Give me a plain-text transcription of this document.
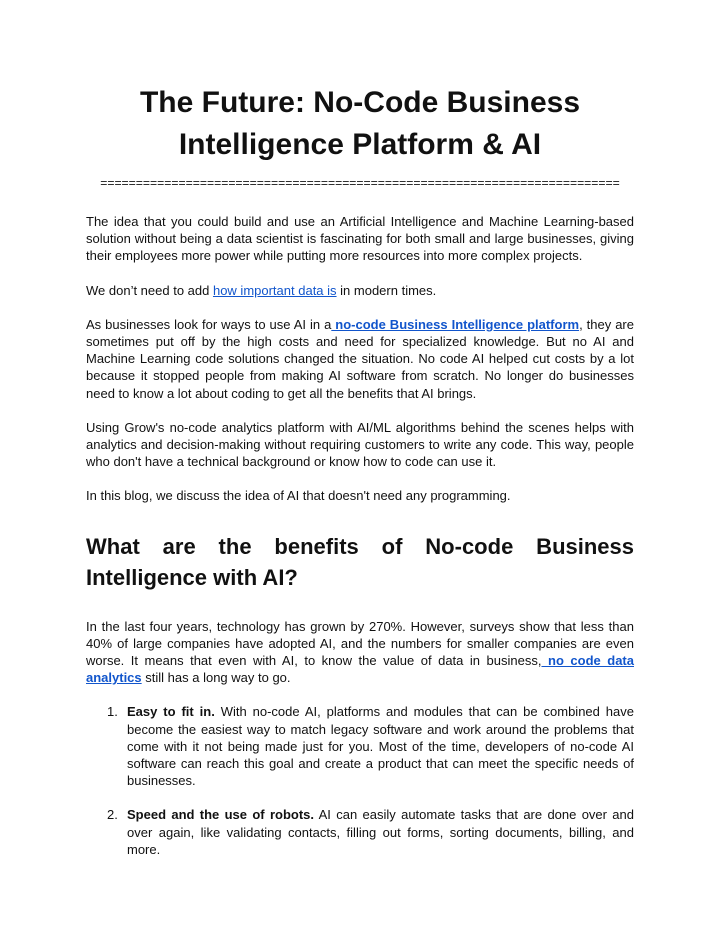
The Future: No-Code Business Intelligence Platform & AI
=========================================================================

The idea that you could build and use an Artificial Intelligence and Machine Learning-based solution without being a data scientist is fascinating for both small and large businesses, giving their employees more power while putting more resources into more complex projects.

We don’t need to add how important data is in modern times.

As businesses look for ways to use AI in a no-code Business Intelligence platform, they are sometimes put off by the high costs and need for specialized knowledge. But no AI and Machine Learning code solutions changed the situation. No code AI helped cut costs by a lot because it stopped people from making AI software from scratch. No longer do businesses need to know a lot about coding to get all the benefits that AI brings.

Using Grow's no-code analytics platform with AI/ML algorithms behind the scenes helps with analytics and decision-making without requiring customers to write any code. This way, people who don't have a technical background or know how to code can use it.

In this blog, we discuss the idea of AI that doesn't need any programming.

What are the benefits of No-code Business Intelligence with AI?

In the last four years, technology has grown by 270%. However, surveys show that less than 40% of large companies have adopted AI, and the numbers for smaller companies are even worse. It means that even with AI, to know the value of data in business, no code data analytics still has a long way to go.

1. Easy to fit in. With no-code AI, platforms and modules that can be combined have become the easiest way to match legacy software and work around the problems that come with it not being made just for you. Most of the time, developers of no-code AI software can reach this goal and create a product that can meet the specific needs of businesses.
2. Speed and the use of robots. AI can easily automate tasks that are done over and over again, like validating contacts, filling out forms, sorting documents, billing, and more.
